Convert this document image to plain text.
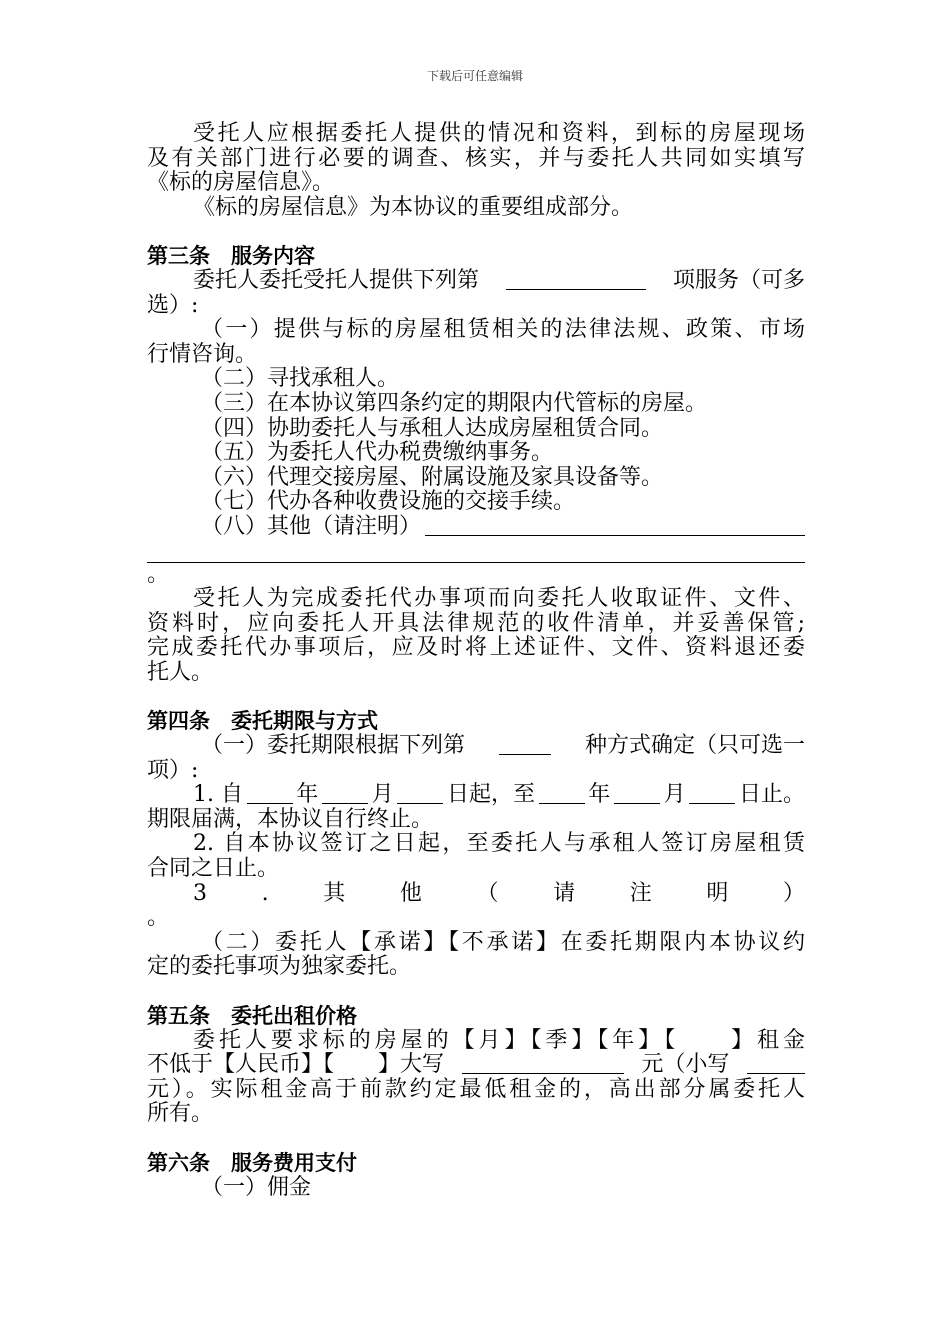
下载后可任意编辑
受托人应根据委托人提供的情况和资料，到标的房屋现场
及有关部门进行必要的调查、核实，并与委托人共同如实填写
《标的房屋信息》。
《标的房屋信息》为本协议的重要组成部分。
第三条　服务内容
委托人委托受托人提供下列第	项服务（可多
选）:
（一）提供与标的房屋租赁相关的法律法规、政策、市场
行情咨询。
（二）寻找承租人。
（三）在本协议第四条约定的期限内代管标的房屋。
（四）协助委托人与承租人达成房屋租赁合同。
（五）为委托人代办税费缴纳事务。
（六）代理交接房屋、附属设施及家具设备等。
（七）代办各种收费设施的交接手续。
（八）其他（请注明）
。
受托人为完成委托代办事项而向委托人收取证件、文件、
资料时，应向委托人开具法律规范的收件清单，并妥善保管;
完成委托代办事项后，应及时将上述证件、文件、资料退还委
托人。
第四条　委托期限与方式
（一）委托期限根据下列第	种方式确定（只可选一
项）:
1. 自 年 月 日起，至 年 月 日止。
期限届满，本协议自行终止。
2. 自本协议签订之日起，至委托人与承租人签订房屋租赁
合同之日止。
3 . 其 他 （ 请 注 明 ）
。
（二）委托人【承诺】【不承诺】在委托期限内本协议约
定的委托事项为独家委托。
第五条　委托出租价格
委托人要求标的房屋的【月】【季】【年】【　　】租金
不低于【人民币】【　　】大写	元（小写
元）。实际租金高于前款约定最低租金的，高出部分属委托人
所有。
第六条　服务费用支付
（一）佣金
